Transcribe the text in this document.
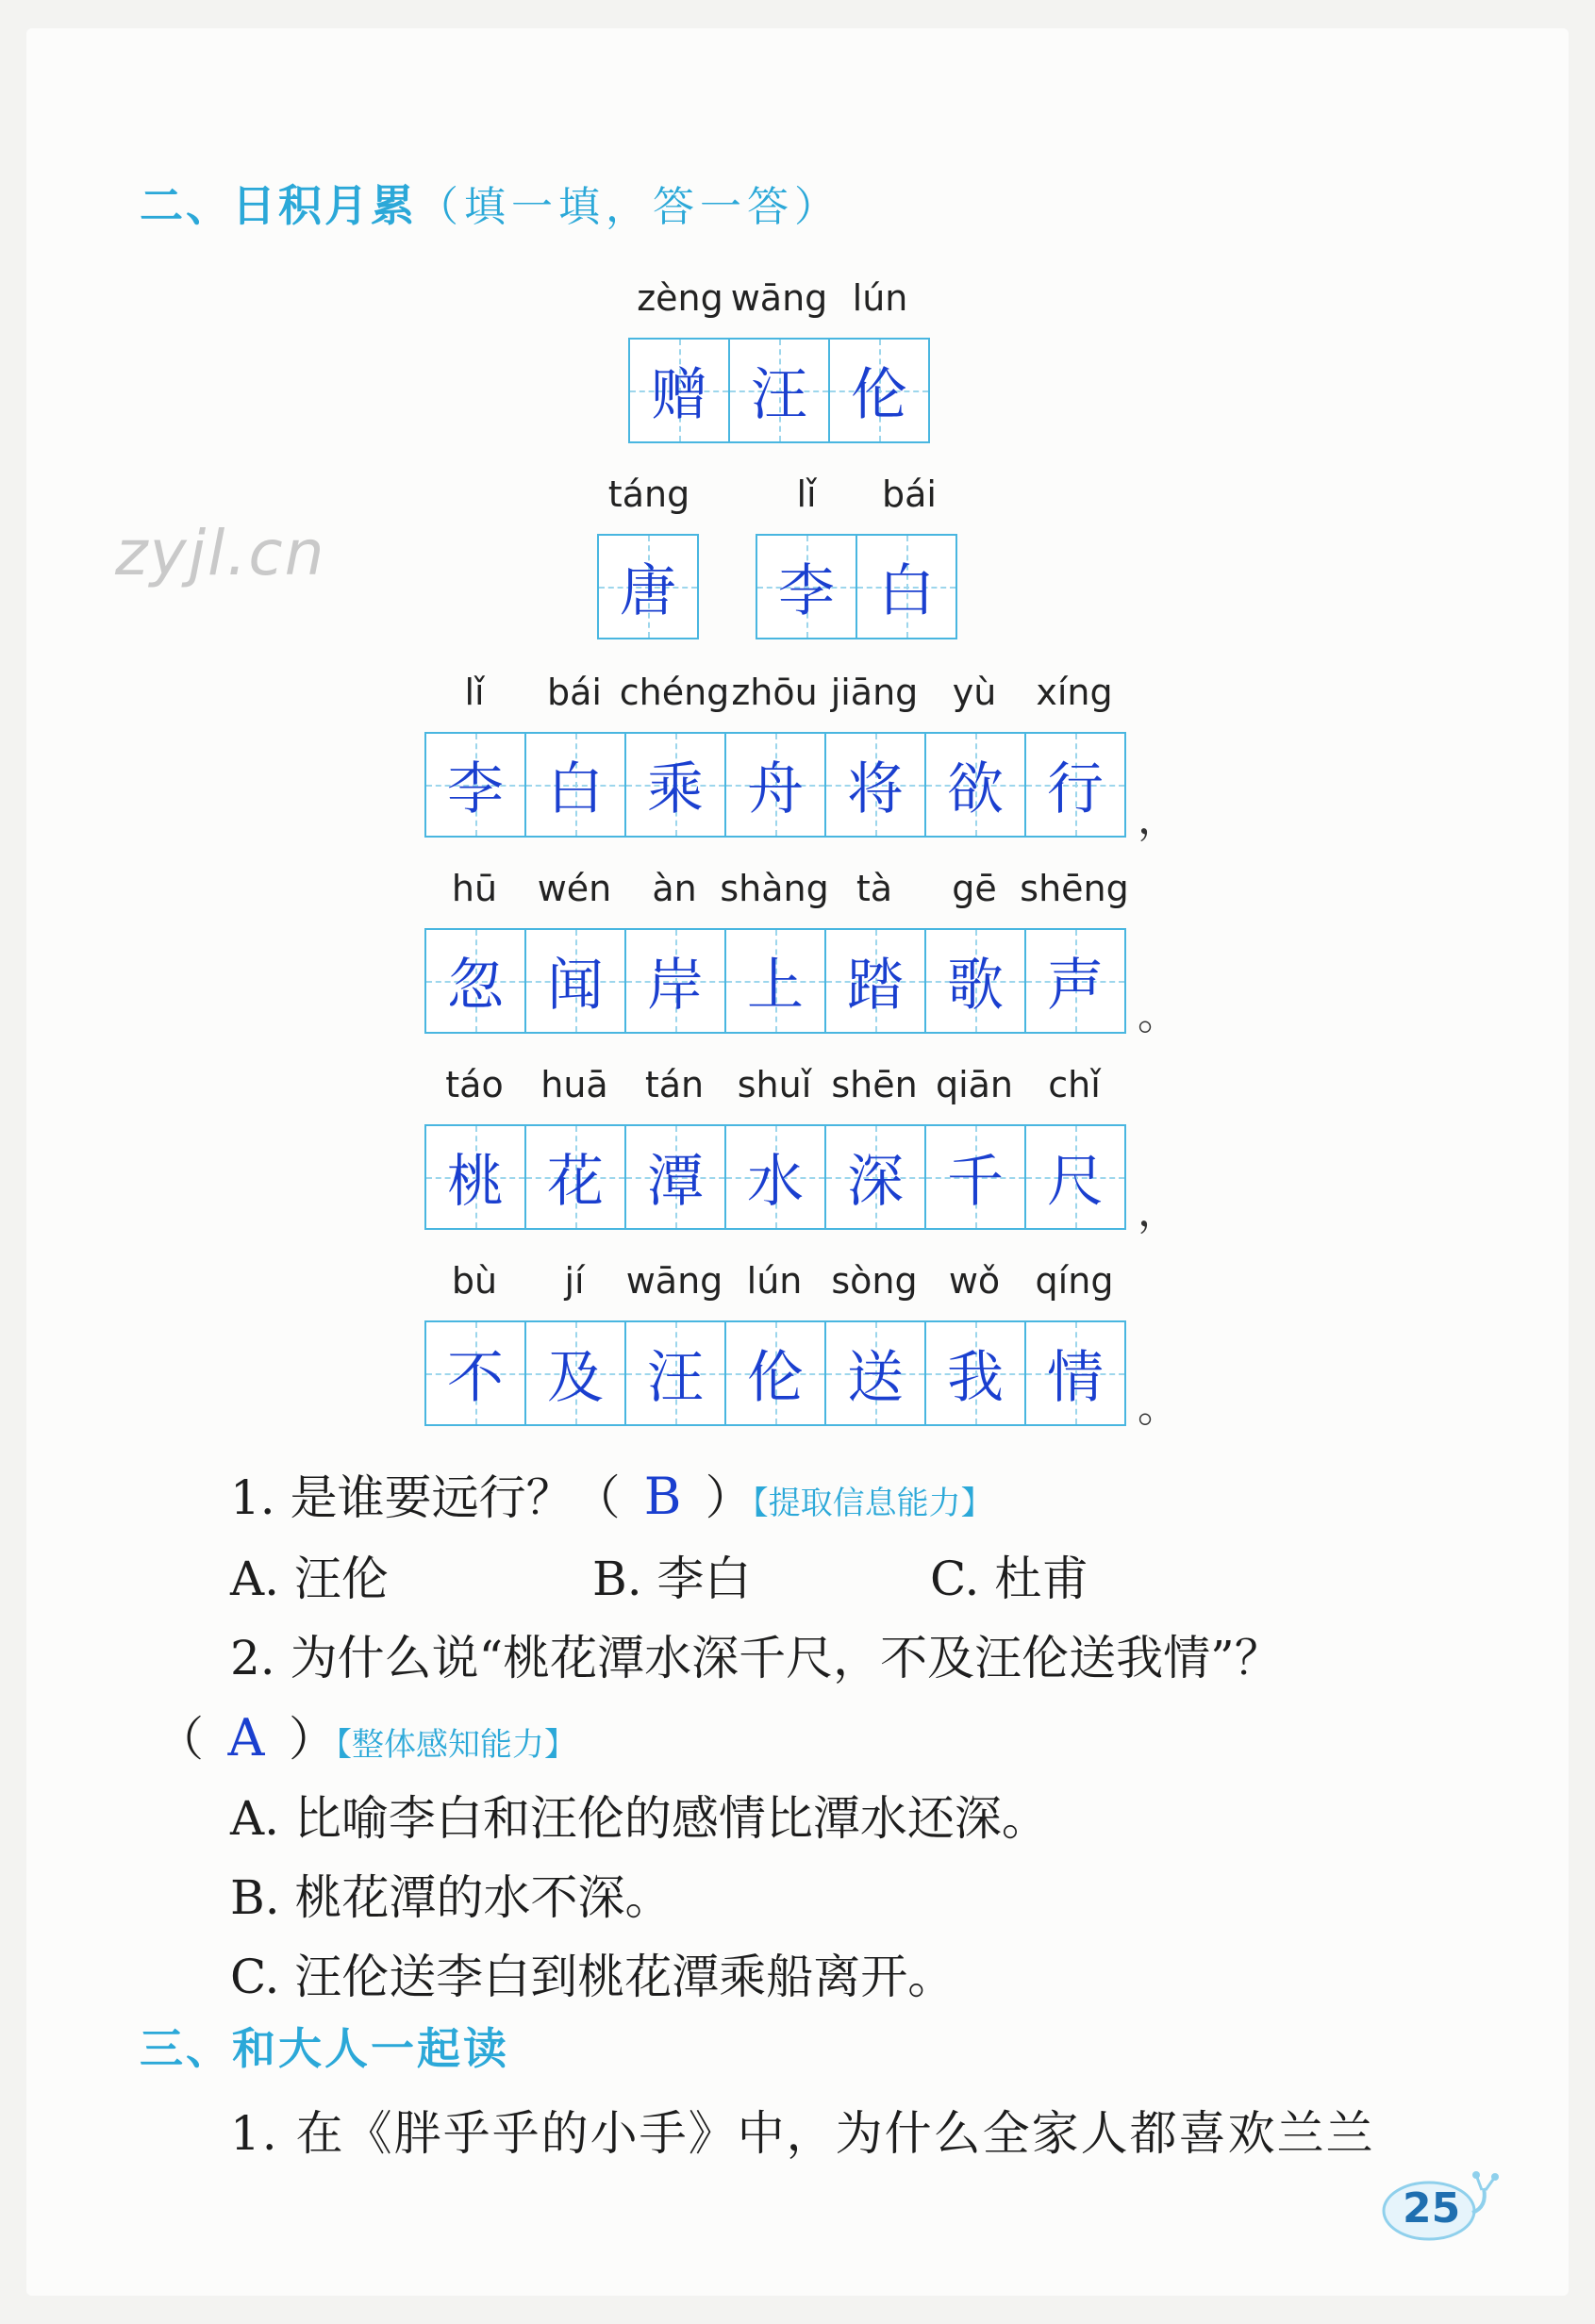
二、日积月累（填一填，答一答）
zyjl.cn
zèng wāng lún
赠 汪 伦
táng	lǐ bái
唐 李 白
lǐ bái chéng zhōu jiāng yù xíng
李 白 乘 舟 将 欲 行 ，
hū wén àn shàng tà gē shēng
忽 闻 岸 上 踏 歌 声 。
táo huā tán shuǐ shēn qiān chǐ
桃 花 潭 水 深 千 尺 ，
bù jí wāng lún sòng wǒ qíng
不 及 汪 伦 送 我 情 。
1. 是谁要远行？（ B ）【提取信息能力】
A. 汪伦	B. 李白	C. 杜甫
2. 为什么说“桃花潭水深千尺，不及汪伦送我情”？
（ A ）【整体感知能力】
A. 比喻李白和汪伦的感情比潭水还深。
B. 桃花潭的水不深。
C. 汪伦送李白到桃花潭乘船离开。
三、和大人一起读
1. 在《胖乎乎的小手》中，为什么全家人都喜欢兰兰
25
